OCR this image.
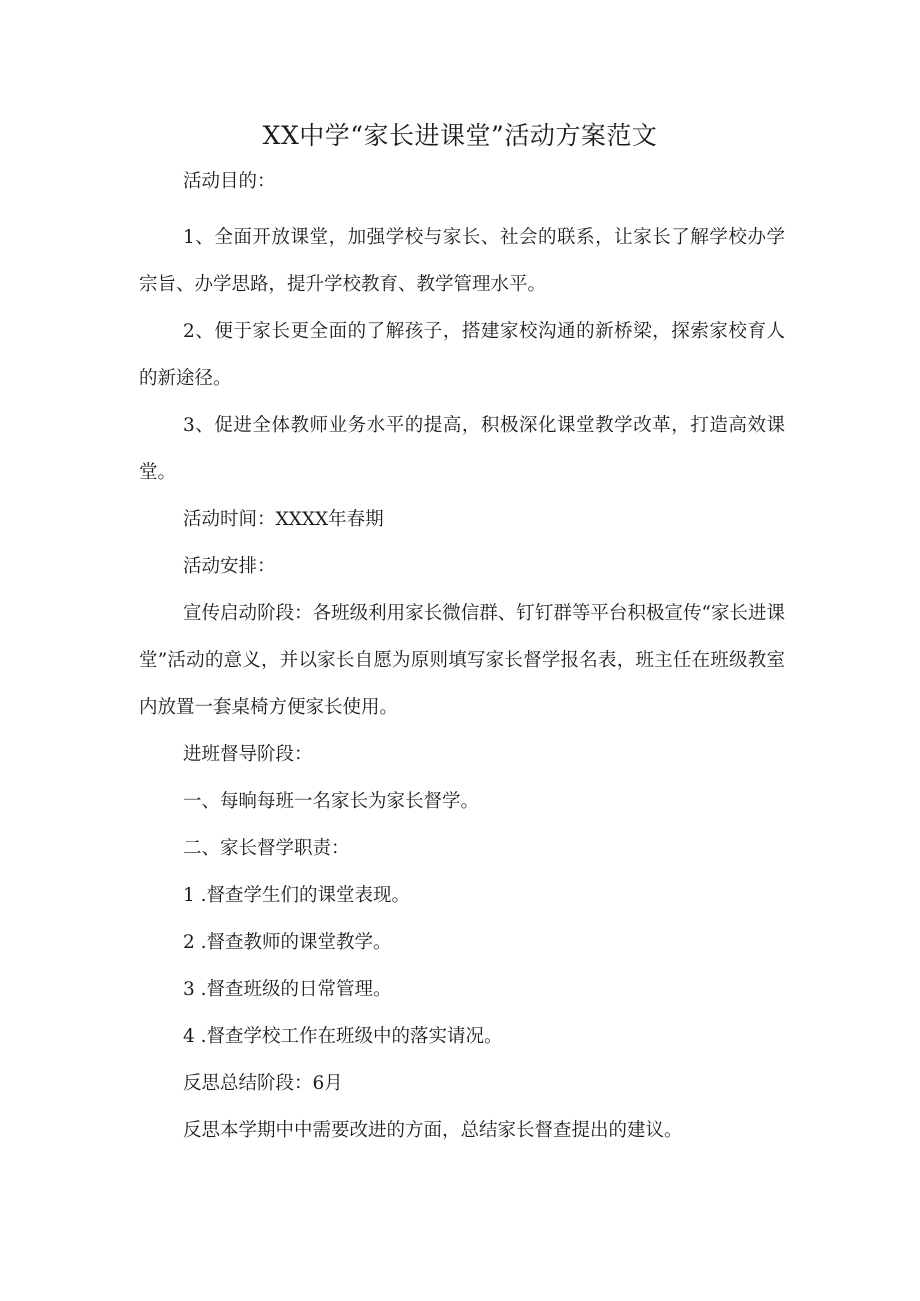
XX中学“家长进课堂”活动方案范文

活动目的：

1、全面开放课堂，加强学校与家长、社会的联系，让家长了解学校办学宗旨、办学思路，提升学校教育、教学管理水平。

2、便于家长更全面的了解孩子，搭建家校沟通的新桥梁，探索家校育人的新途径。

3、促进全体教师业务水平的提高，积极深化课堂教学改革，打造高效课堂。

活动时间：XXXX年春期

活动安排：

宣传启动阶段：各班级利用家长微信群、钉钉群等平台积极宣传“家长进课堂”活动的意义，并以家长自愿为原则填写家长督学报名表，班主任在班级教室内放置一套桌椅方便家长使用。

进班督导阶段：

一、每晌每班一名家长为家长督学。

二、家长督学职责：

1 .督查学生们的课堂表现。

2 .督查教师的课堂教学。

3 .督查班级的日常管理。

4 .督查学校工作在班级中的落实请况。

反思总结阶段：6月

反思本学期中中需要改进的方面，总结家长督查提出的建议。
